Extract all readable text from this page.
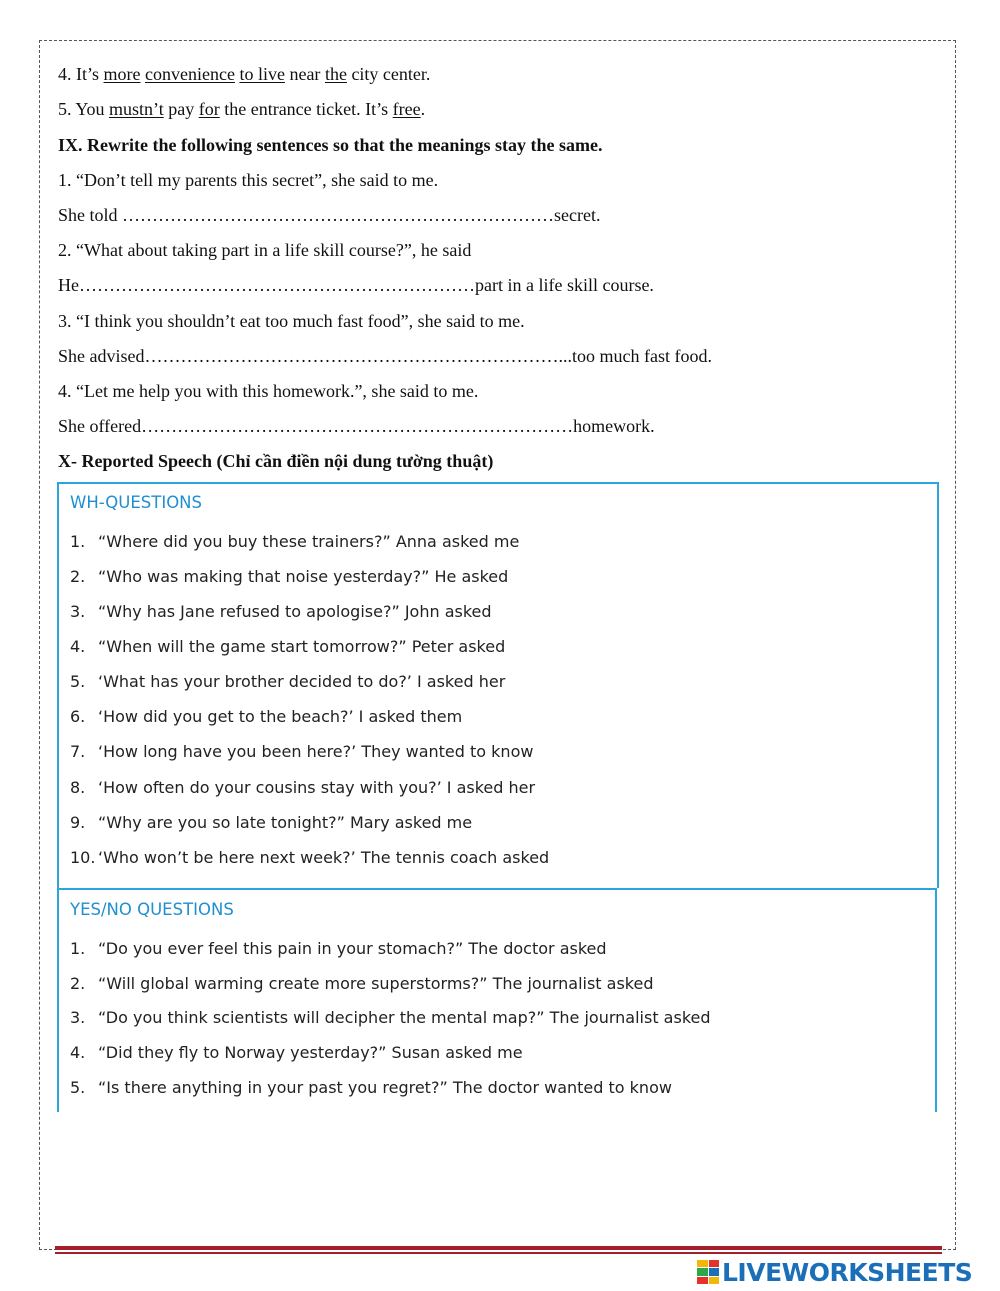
4. It’s more convenience to live near the city center.
5. You mustn’t pay for the entrance ticket. It’s free.
IX. Rewrite the following sentences so that the meanings stay the same.
1. “Don’t tell my parents this secret”, she said to me.
She told ………………………………………………………………secret.
2. “What about taking part in a life skill course?”, he said
He…………………………………………………………part in a life skill course.
3. “I think you shouldn’t eat too much fast food”, she said to me.
She advised……………………………………………………………...too much fast food.
4. “Let me help you with this homework.”, she said to me.
She offered………………………………………………………………homework.
X- Reported Speech (Chỉ cần điền nội dung tường thuật)
WH-QUESTIONS
1. “Where did you buy these trainers?” Anna asked me
2. “Who was making that noise yesterday?” He asked
3. “Why has Jane refused to apologise?” John asked
4. “When will the game start tomorrow?” Peter asked
5. ‘What has your brother decided to do?’ I asked her
6. ‘How did you get to the beach?’ I asked them
7. ‘How long have you been here?’ They wanted to know
8. ‘How often do your cousins stay with you?’ I asked her
9. “Why are you so late tonight?” Mary asked me
10. ‘Who won’t be here next week?’ The tennis coach asked
YES/NO QUESTIONS
1. “Do you ever feel this pain in your stomach?” The doctor asked
2. “Will global warming create more superstorms?” The journalist asked
3. “Do you think scientists will decipher the mental map?” The journalist asked
4. “Did they fly to Norway yesterday?” Susan asked me
5. “Is there anything in your past you regret?” The doctor wanted to know
LIVEWORKSHEETS
